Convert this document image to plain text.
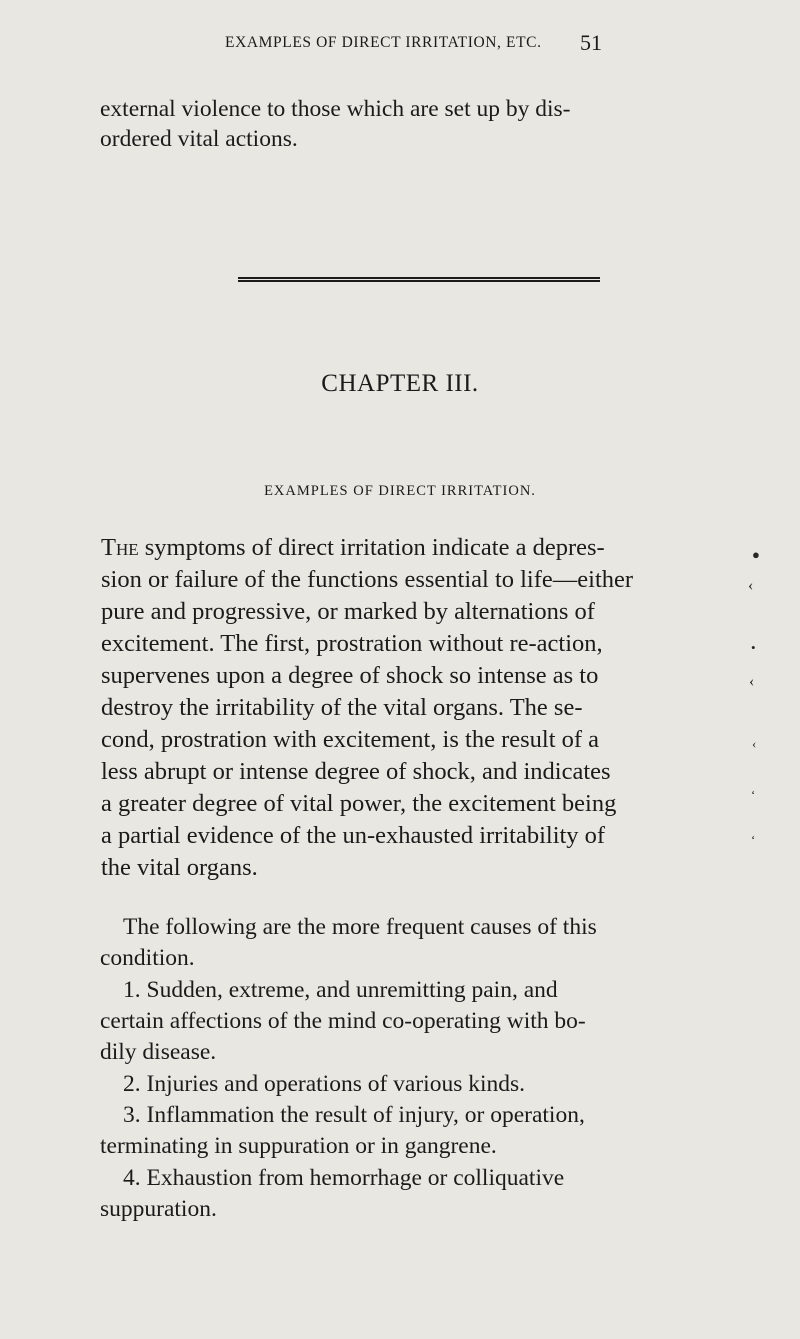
EXAMPLES OF DIRECT IRRITATION, ETC. 51
external violence to those which are set up by dis-
ordered vital actions.
CHAPTER III.
EXAMPLES OF DIRECT IRRITATION.
The symptoms of direct irritation indicate a depres-
sion or failure of the functions essential to life—either
pure and progressive, or marked by alternations of
excitement. The first, prostration without re-action,
supervenes upon a degree of shock so intense as to
destroy the irritability of the vital organs. The se-
cond, prostration with excitement, is the result of a
less abrupt or intense degree of shock, and indicates
a greater degree of vital power, the excitement being
a partial evidence of the un-exhausted irritability of
the vital organs.
●
‹
•
‹
‹
‘
‘
The following are the more frequent causes of this
condition.
1. Sudden, extreme, and unremitting pain, and
certain affections of the mind co-operating with bo-
dily disease.
2. Injuries and operations of various kinds.
3. Inflammation the result of injury, or operation,
terminating in suppuration or in gangrene.
4. Exhaustion from hemorrhage or colliquative
suppuration.
